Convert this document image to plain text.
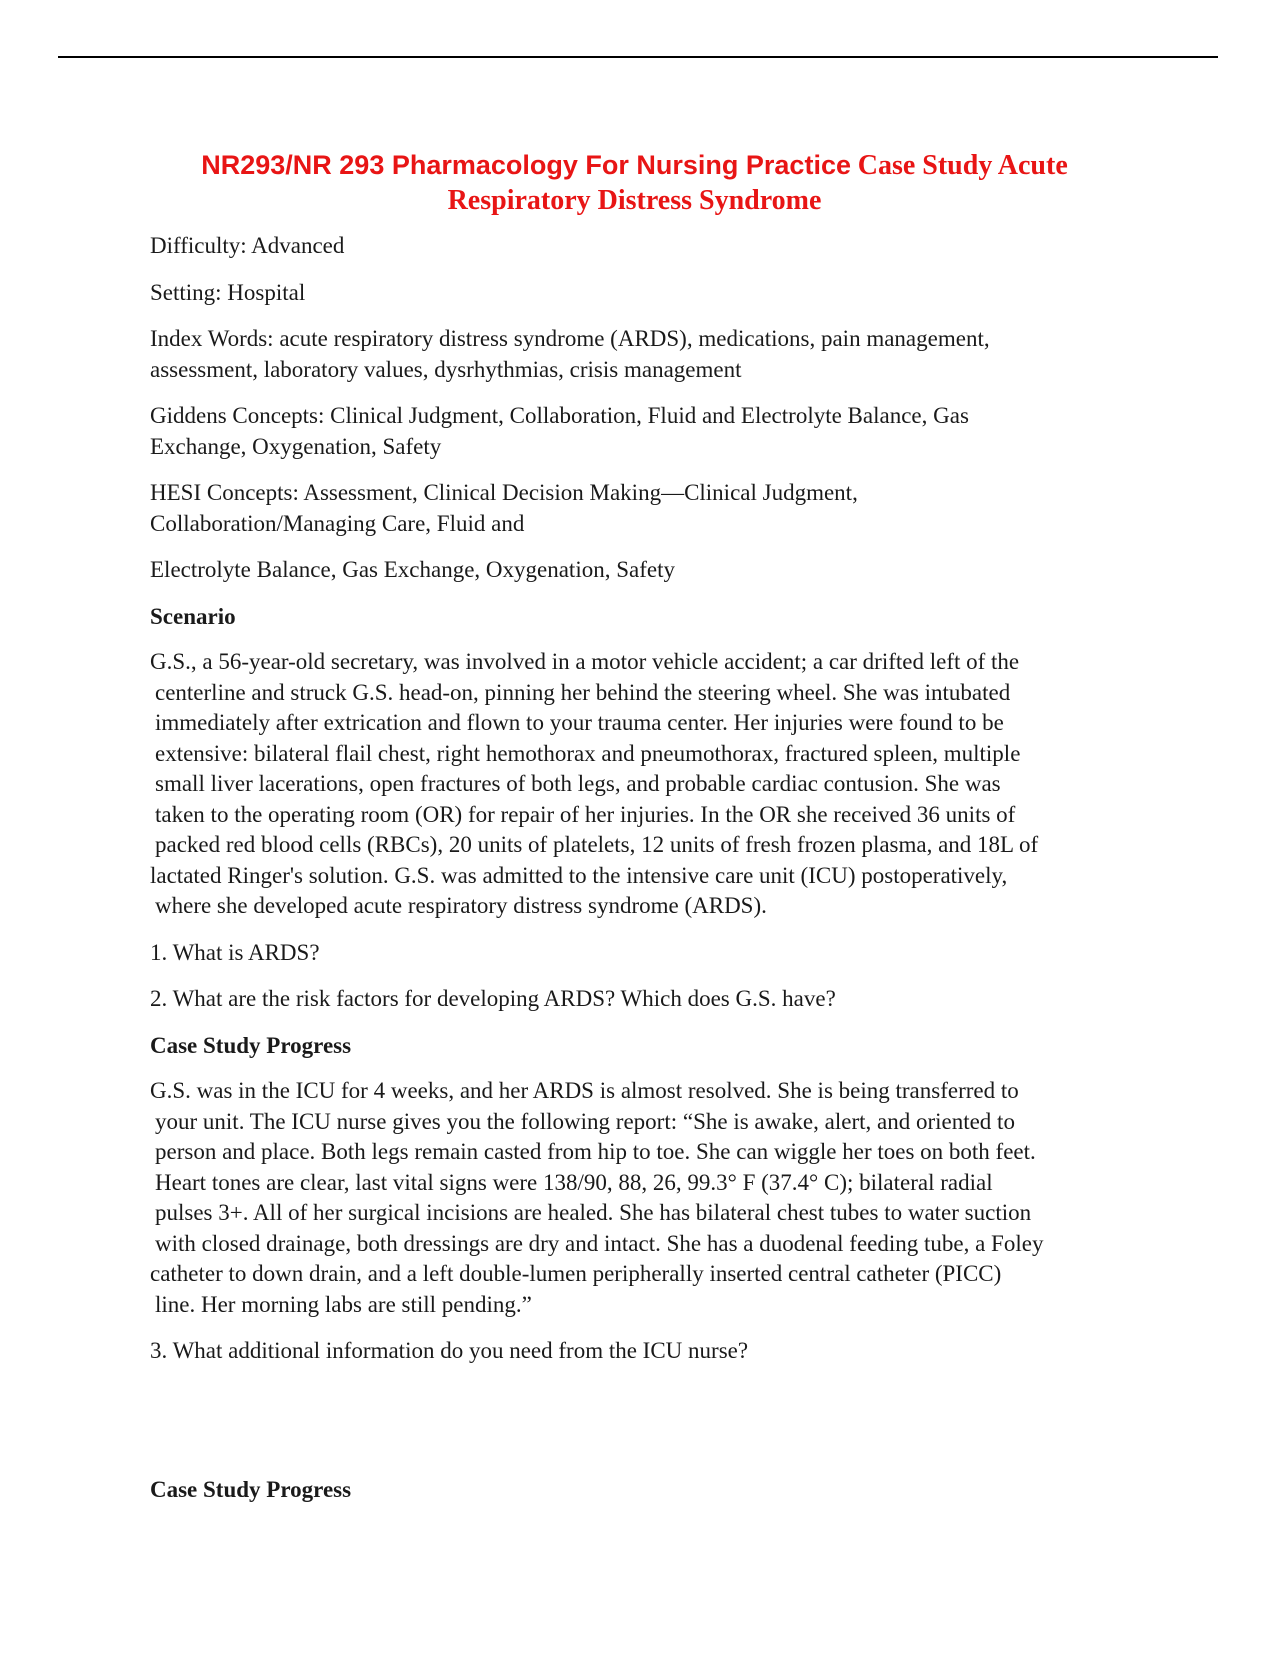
NR293/NR 293 Pharmacology For Nursing Practice Case Study Acute
Respiratory Distress Syndrome

Difficulty: Advanced

Setting: Hospital

Index Words: acute respiratory distress syndrome (ARDS), medications, pain management,
assessment, laboratory values, dysrhythmias, crisis management

Giddens Concepts: Clinical Judgment, Collaboration, Fluid and Electrolyte Balance, Gas
Exchange, Oxygenation, Safety

HESI Concepts: Assessment, Clinical Decision Making—Clinical Judgment,
Collaboration/Managing Care, Fluid and

Electrolyte Balance, Gas Exchange, Oxygenation, Safety

Scenario

G.S., a 56-year-old secretary, was involved in a motor vehicle accident; a car drifted left of the
centerline and struck G.S. head-on, pinning her behind the steering wheel. She was intubated
immediately after extrication and flown to your trauma center. Her injuries were found to be
extensive: bilateral flail chest, right hemothorax and pneumothorax, fractured spleen, multiple
small liver lacerations, open fractures of both legs, and probable cardiac contusion. She was
taken to the operating room (OR) for repair of her injuries. In the OR she received 36 units of
packed red blood cells (RBCs), 20 units of platelets, 12 units of fresh frozen plasma, and 18L of
lactated Ringer's solution. G.S. was admitted to the intensive care unit (ICU) postoperatively,
where she developed acute respiratory distress syndrome (ARDS).

1. What is ARDS?

2. What are the risk factors for developing ARDS? Which does G.S. have?

Case Study Progress

G.S. was in the ICU for 4 weeks, and her ARDS is almost resolved. She is being transferred to
your unit. The ICU nurse gives you the following report: “She is awake, alert, and oriented to
person and place. Both legs remain casted from hip to toe. She can wiggle her toes on both feet.
Heart tones are clear, last vital signs were 138/90, 88, 26, 99.3° F (37.4° C); bilateral radial
pulses 3+. All of her surgical incisions are healed. She has bilateral chest tubes to water suction
with closed drainage, both dressings are dry and intact. She has a duodenal feeding tube, a Foley
catheter to down drain, and a left double-lumen peripherally inserted central catheter (PICC)
line. Her morning labs are still pending.”

3. What additional information do you need from the ICU nurse?

Case Study Progress
